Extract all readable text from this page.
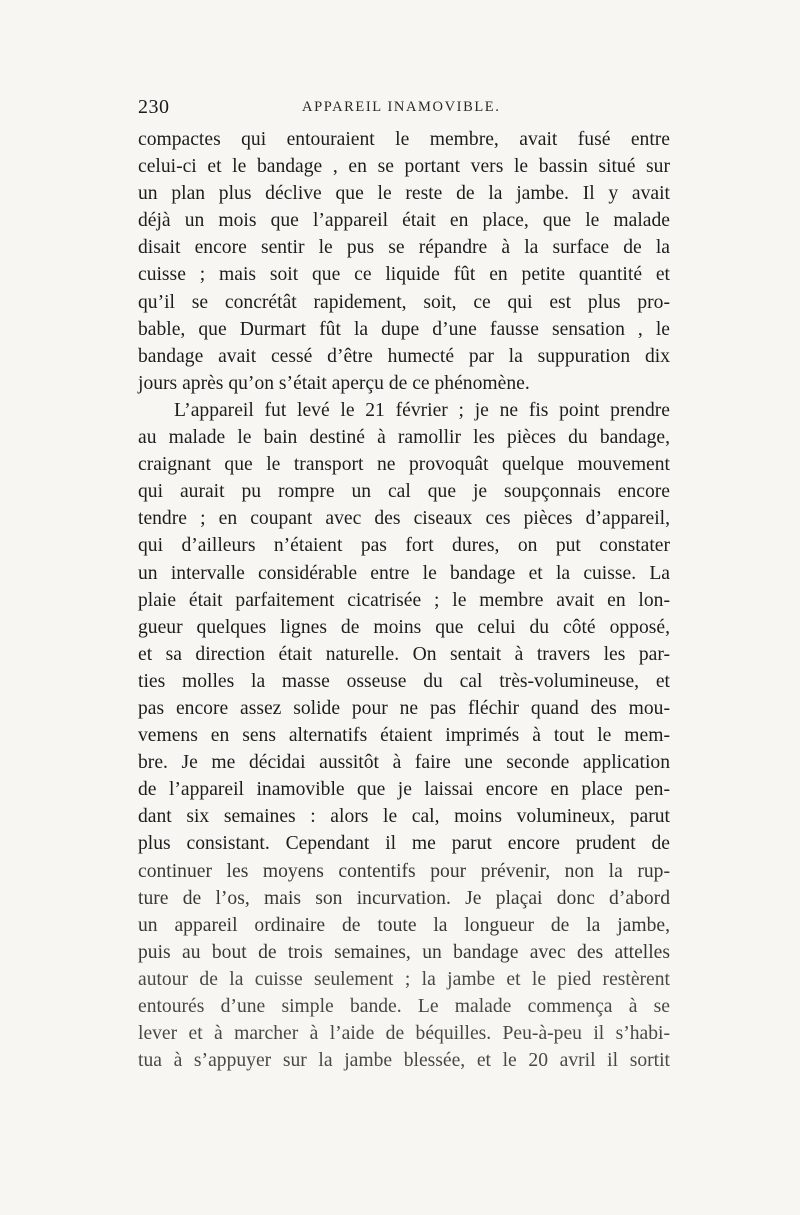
230	APPAREIL INAMOVIBLE.
compactes qui entouraient le membre, avait fusé entre
celui-ci et le bandage , en se portant vers le bassin situé sur
un plan plus déclive que le reste de la jambe. Il y avait
déjà un mois que l’appareil était en place, que le malade
disait encore sentir le pus se répandre à la surface de la
cuisse ; mais soit que ce liquide fût en petite quantité et
qu’il se concrétât rapidement, soit, ce qui est plus pro-
bable, que Durmart fût la dupe d’une fausse sensation , le
bandage avait cessé d’être humecté par la suppuration dix
jours après qu’on s’était aperçu de ce phénomène.
L’appareil fut levé le 21 février ; je ne fis point prendre
au malade le bain destiné à ramollir les pièces du bandage,
craignant que le transport ne provoquât quelque mouvement
qui aurait pu rompre un cal que je soupçonnais encore
tendre ; en coupant avec des ciseaux ces pièces d’appareil,
qui d’ailleurs n’étaient pas fort dures, on put constater
un intervalle considérable entre le bandage et la cuisse. La
plaie était parfaitement cicatrisée ; le membre avait en lon-
gueur quelques lignes de moins que celui du côté opposé,
et sa direction était naturelle. On sentait à travers les par-
ties molles la masse osseuse du cal très-volumineuse, et
pas encore assez solide pour ne pas fléchir quand des mou-
vemens en sens alternatifs étaient imprimés à tout le mem-
bre. Je me décidai aussitôt à faire une seconde application
de l’appareil inamovible que je laissai encore en place pen-
dant six semaines : alors le cal, moins volumineux, parut
plus consistant. Cependant il me parut encore prudent de
continuer les moyens contentifs pour prévenir, non la rup-
ture de l’os, mais son incurvation. Je plaçai donc d’abord
un appareil ordinaire de toute la longueur de la jambe,
puis au bout de trois semaines, un bandage avec des attelles
autour de la cuisse seulement ; la jambe et le pied restèrent
entourés d’une simple bande. Le malade commença à se
lever et à marcher à l’aide de béquilles. Peu-à-peu il s’habi-
tua à s’appuyer sur la jambe blessée, et le 20 avril il sortit
